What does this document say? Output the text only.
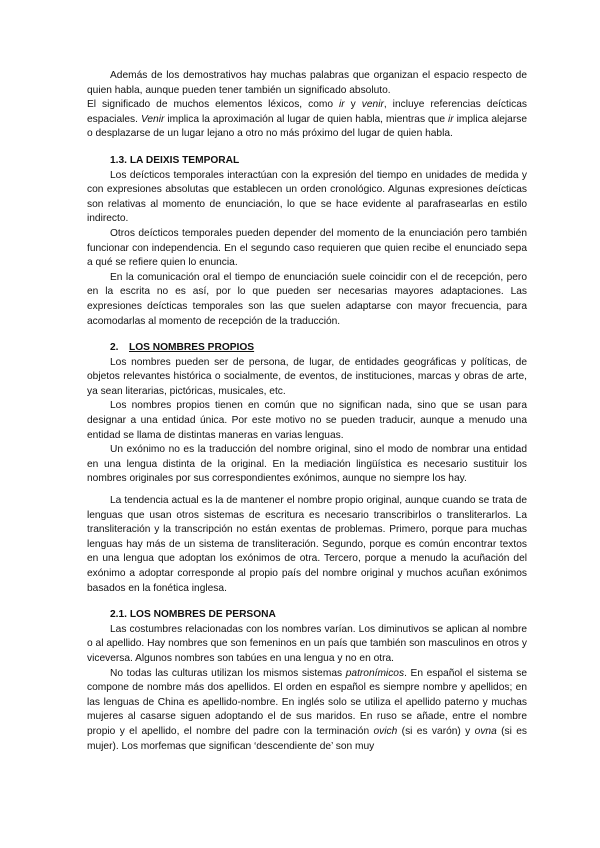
Además de los demostrativos hay muchas palabras que organizan el espacio respecto de quien habla, aunque pueden tener también un significado absoluto.

El significado de muchos elementos léxicos, como ir y venir, incluye referencias deícticas espaciales. Venir implica la aproximación al lugar de quien habla, mientras que ir implica alejarse o desplazarse de un lugar lejano a otro no más próximo del lugar de quien habla.

1.3. LA DEIXIS TEMPORAL

Los deícticos temporales interactúan con la expresión del tiempo en unidades de medida y con expresiones absolutas que establecen un orden cronológico. Algunas expresiones deícticas son relativas al momento de enunciación, lo que se hace evidente al parafrasearlas en estilo indirecto.

Otros deícticos temporales pueden depender del momento de la enunciación pero también funcionar con independencia. En el segundo caso requieren que quien recibe el enunciado sepa a qué se refiere quien lo enuncia.

En la comunicación oral el tiempo de enunciación suele coincidir con el de recepción, pero en la escrita no es así, por lo que pueden ser necesarias mayores adaptaciones. Las expresiones deícticas temporales son las que suelen adaptarse con mayor frecuencia, para acomodarlas al momento de recepción de la traducción.

2. LOS NOMBRES PROPIOS

Los nombres pueden ser de persona, de lugar, de entidades geográficas y políticas, de objetos relevantes histórica o socialmente, de eventos, de instituciones, marcas y obras de arte, ya sean literarias, pictóricas, musicales, etc.

Los nombres propios tienen en común que no significan nada, sino que se usan para designar a una entidad única. Por este motivo no se pueden traducir, aunque a menudo una entidad se llama de distintas maneras en varias lenguas.

Un exónimo no es la traducción del nombre original, sino el modo de nombrar una entidad en una lengua distinta de la original. En la mediación lingüística es necesario sustituir los nombres originales por sus correspondientes exónimos, aunque no siempre los hay.

La tendencia actual es la de mantener el nombre propio original, aunque cuando se trata de lenguas que usan otros sistemas de escritura es necesario transcribirlos o transliterarlos. La transliteración y la transcripción no están exentas de problemas. Primero, porque para muchas lenguas hay más de un sistema de transliteración. Segundo, porque es común encontrar textos en una lengua que adoptan los exónimos de otra. Tercero, porque a menudo la acuñación del exónimo a adoptar corresponde al propio país del nombre original y muchos acuñan exónimos basados en la fonética inglesa.

2.1. LOS NOMBRES DE PERSONA

Las costumbres relacionadas con los nombres varían. Los diminutivos se aplican al nombre o al apellido. Hay nombres que son femeninos en un país que también son masculinos en otros y viceversa. Algunos nombres son tabúes en una lengua y no en otra.

No todas las culturas utilizan los mismos sistemas patronímicos. En español el sistema se compone de nombre más dos apellidos. El orden en español es siempre nombre y apellidos; en las lenguas de China es apellido-nombre. En inglés solo se utiliza el apellido paterno y muchas mujeres al casarse siguen adoptando el de sus maridos. En ruso se añade, entre el nombre propio y el apellido, el nombre del padre con la terminación ovich (si es varón) y ovna (si es mujer). Los morfemas que significan ‘descendiente de’ son muy
